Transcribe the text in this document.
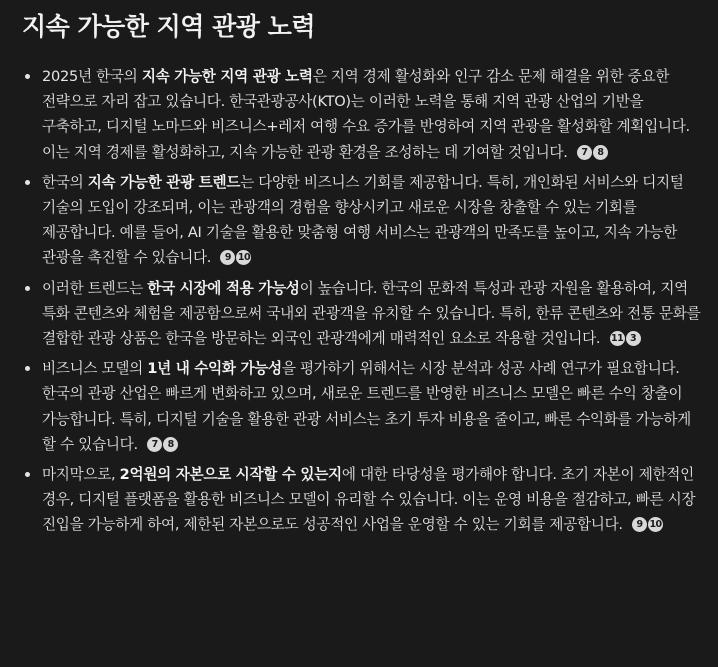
지속 가능한 지역 관광 노력
2025년 한국의 지속 가능한 지역 관광 노력은 지역 경제 활성화와 인구 감소 문제 해결을 위한 중요한 전략으로 자리 잡고 있습니다. 한국관광공사(KTO)는 이러한 노력을 통해 지역 관광 산업의 기반을 구축하고, 디지털 노마드와 비즈니스+레저 여행 수요 증가를 반영하여 지역 관광을 활성화할 계획입니다. 이는 지역 경제를 활성화하고, 지속 가능한 관광 환경을 조성하는 데 기여할 것입니다. 7 8
한국의 지속 가능한 관광 트렌드는 다양한 비즈니스 기회를 제공합니다. 특히, 개인화된 서비스와 디지털 기술의 도입이 강조되며, 이는 관광객의 경험을 향상시키고 새로운 시장을 창출할 수 있는 기회를 제공합니다. 예를 들어, AI 기술을 활용한 맞춤형 여행 서비스는 관광객의 만족도를 높이고, 지속 가능한 관광을 촉진할 수 있습니다. 9 10
이러한 트렌드는 한국 시장에 적용 가능성이 높습니다. 한국의 문화적 특성과 관광 자원을 활용하여, 지역 특화 콘텐츠와 체험을 제공함으로써 국내외 관광객을 유치할 수 있습니다. 특히, 한류 콘텐츠와 전통 문화를 결합한 관광 상품은 한국을 방문하는 외국인 관광객에게 매력적인 요소로 작용할 것입니다. 11 3
비즈니스 모델의 1년 내 수익화 가능성을 평가하기 위해서는 시장 분석과 성공 사례 연구가 필요합니다. 한국의 관광 산업은 빠르게 변화하고 있으며, 새로운 트렌드를 반영한 비즈니스 모델은 빠른 수익 창출이 가능합니다. 특히, 디지털 기술을 활용한 관광 서비스는 초기 투자 비용을 줄이고, 빠른 수익화를 가능하게 할 수 있습니다. 7 8
마지막으로, 2억원의 자본으로 시작할 수 있는지에 대한 타당성을 평가해야 합니다. 초기 자본이 제한적인 경우, 디지털 플랫폼을 활용한 비즈니스 모델이 유리할 수 있습니다. 이는 운영 비용을 절감하고, 빠른 시장 진입을 가능하게 하여, 제한된 자본으로도 성공적인 사업을 운영할 수 있는 기회를 제공합니다. 9 10
